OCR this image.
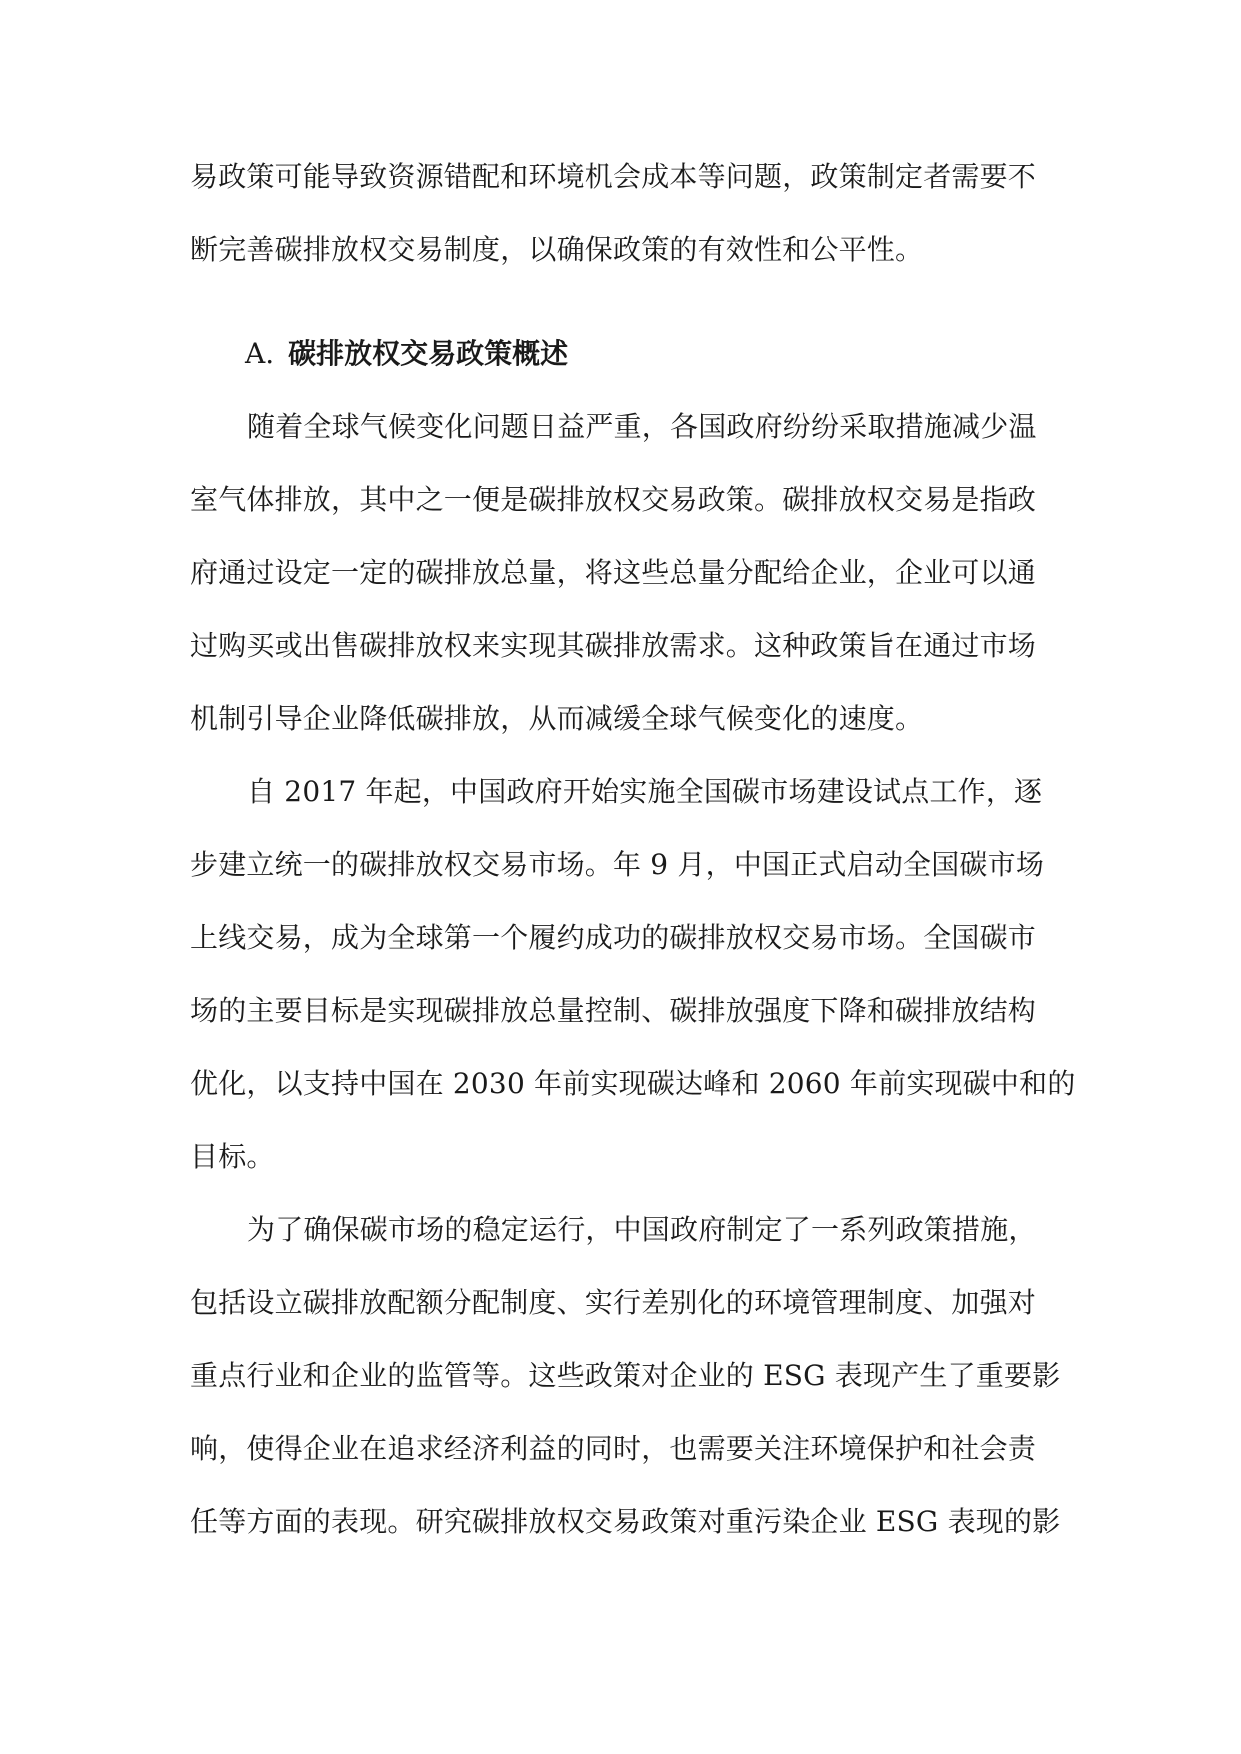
易政策可能导致资源错配和环境机会成本等问题，政策制定者需要不
断完善碳排放权交易制度，以确保政策的有效性和公平性。
A. 碳排放权交易政策概述
随着全球气候变化问题日益严重，各国政府纷纷采取措施减少温
室气体排放，其中之一便是碳排放权交易政策。碳排放权交易是指政
府通过设定一定的碳排放总量，将这些总量分配给企业，企业可以通
过购买或出售碳排放权来实现其碳排放需求。这种政策旨在通过市场
机制引导企业降低碳排放，从而减缓全球气候变化的速度。
自 2017 年起，中国政府开始实施全国碳市场建设试点工作，逐
步建立统一的碳排放权交易市场。年 9 月，中国正式启动全国碳市场
上线交易，成为全球第一个履约成功的碳排放权交易市场。全国碳市
场的主要目标是实现碳排放总量控制、碳排放强度下降和碳排放结构
优化，以支持中国在 2030 年前实现碳达峰和 2060 年前实现碳中和的
目标。
为了确保碳市场的稳定运行，中国政府制定了一系列政策措施，
包括设立碳排放配额分配制度、实行差别化的环境管理制度、加强对
重点行业和企业的监管等。这些政策对企业的 ESG 表现产生了重要影
响，使得企业在追求经济利益的同时，也需要关注环境保护和社会责
任等方面的表现。研究碳排放权交易政策对重污染企业 ESG 表现的影
